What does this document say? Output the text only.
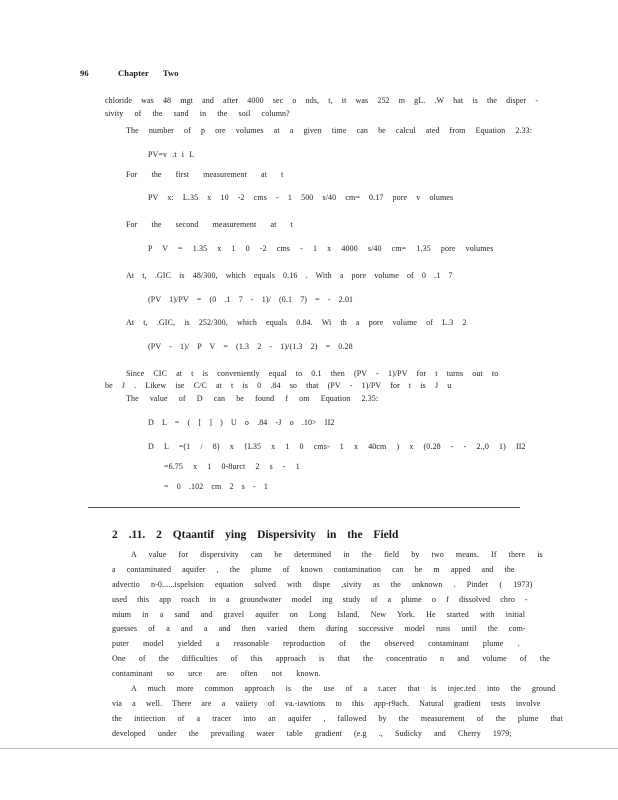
96	Chapter Two
chloride was 48 mgt and after 4000 sec o nds, t, it was 252 m gL. .W hat is the disper -
sivity of the sand in the soil column?
The number of p ore volumes at a given time can be calcul ated from Equation 2.33:
PV=v .t i L
For the first measurement at t
PV x: L.35 x 10 -2 cms - 1 500 s/40 cm= 0.17 pore v olumes
For the second measurement at t
P V = 1.35 x 1 0 -2 cms - 1 x 4000 s/40 cm= 1.35 pore volumes
At t, .GIC is 48/300, which equals 0.16 . With a pore volume of 0 .1 7
(PV 1)/PV = (0 .1 7 - 1)/ (0.1 7) = - 2.01
At t, .GIC, is 252/300, which equals 0.84. Wi th a pore volume of L.3 2
(PV - 1)/ P V = (1.3 2 - 1)/(1.3 2) = 0.28
Since CIC at t is conveniently equal to 0.1 then (PV - 1)/PV for t turns out to
be J . Likew ise C/C at t is 0 .84 so that (PV - 1)/PV for t is J u
The value of D can be found f om Equation 2.35:
D L = ( [ ] ) U o .84 -J o .10> II2
D L =(1 / 8) x {L35 x 1 0 cms- 1 x 40cm ) x (0.28 - - 2.,0 1) II2
=6.75 x 1 0-8urct 2 s - 1
= 0 .102 cm 2 s - 1
2 .11. 2 Qtaantif ying Dispersivity in the Field
A value for dispersivity can be determined in the field by two means. If there is
a contaminated aquifer , the plume of known contamination can be m apped and the
advectio n-0......ispelsion equation solved with dispe ,sivity as the unknown . Pinder ( 1973)
used this app roach in a groundwater model ing study of a plume o f dissolved chro -
mium in a sand and gravel aquifer on Long Island, New York. He started with initial
guesses of a and a and then varied them during successive model runs until the com-
puter model yielded a reasonable reproduction of the observed contaminant plume .
One of the difficulties of this approach is that the concentratio n and volume of the
contaminant so urce are often not known.
A much more common approach is the use of a t.acer that is injec.ted into the ground
via a well. There are a vaiiety of va.-iawtions to this app-r9ach. Natural gradient tests involve
the intiection of a tracer into an aquifer , fallowed by the measurement of the plume that
developed under the prevailing water table gradient (e.g ., Sudicky and Cherry 1979;
